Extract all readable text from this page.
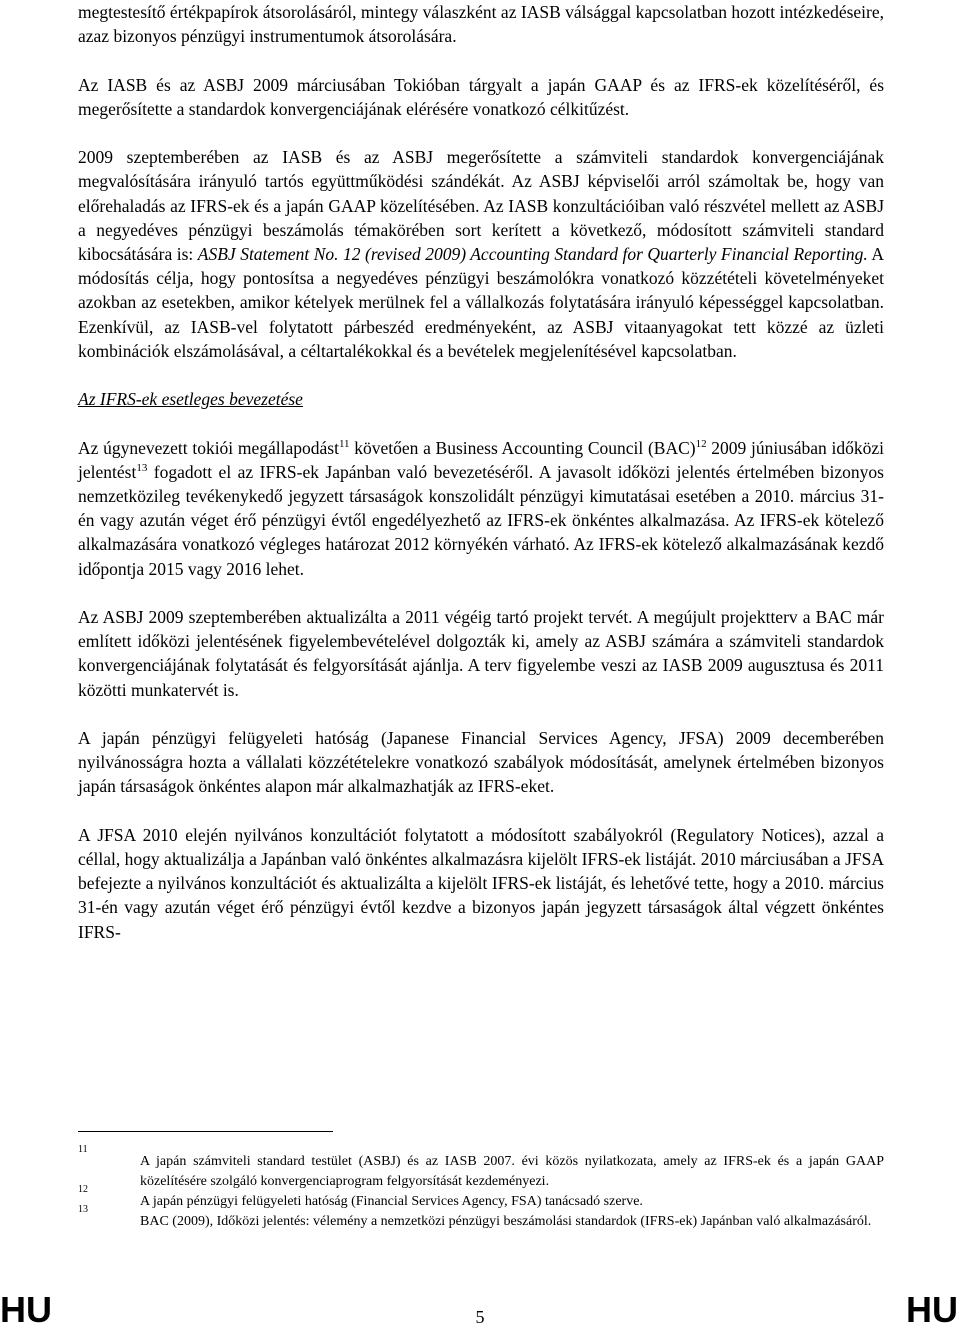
megtestesítő értékpapírok átsorolásáról, mintegy válaszként az IASB válsággal kapcsolatban hozott intézkedéseire, azaz bizonyos pénzügyi instrumentumok átsorolására.

Az IASB és az ASBJ 2009 márciusában Tokióban tárgyalt a japán GAAP és az IFRS-ek közelítéséről, és megerősítette a standardok konvergenciájának elérésére vonatkozó célkitűzést.

2009 szeptemberében az IASB és az ASBJ megerősítette a számviteli standardok konvergenciájának megvalósítására irányuló tartós együttműködési szándékát. Az ASBJ képviselői arról számoltak be, hogy van előrehaladás az IFRS-ek és a japán GAAP közelítésében. Az IASB konzultációiban való részvétel mellett az ASBJ a negyedéves pénzügyi beszámolás témakörében sort kerített a következő, módosított számviteli standard kibocsátására is: ASBJ Statement No. 12 (revised 2009) Accounting Standard for Quarterly Financial Reporting. A módosítás célja, hogy pontosítsa a negyedéves pénzügyi beszámolókra vonatkozó közzétételi követelményeket azokban az esetekben, amikor kételyek merülnek fel a vállalkozás folytatására irányuló képességgel kapcsolatban. Ezenkívül, az IASB-vel folytatott párbeszéd eredményeként, az ASBJ vitaanyagokat tett közzé az üzleti kombinációk elszámolásával, a céltartalékokkal és a bevételek megjelenítésével kapcsolatban.

Az IFRS-ek esetleges bevezetése

Az úgynevezett tokiói megállapodást$^{11}$ követően a Business Accounting Council (BAC)$^{12}$ 2009 júniusában időközi jelentést$^{13}$ fogadott el az IFRS-ek Japánban való bevezetéséről. A javasolt időközi jelentés értelmében bizonyos nemzetközileg tevékenykedő jegyzett társaságok konszolidált pénzügyi kimutatásai esetében a 2010. március 31-én vagy azután véget érő pénzügyi évtől engedélyezhető az IFRS-ek önkéntes alkalmazása. Az IFRS-ek kötelező alkalmazására vonatkozó végleges határozat 2012 környékén várható. Az IFRS-ek kötelező alkalmazásának kezdő időpontja 2015 vagy 2016 lehet.

Az ASBJ 2009 szeptemberében aktualizálta a 2011 végéig tartó projekt tervét. A megújult projektterv a BAC már említett időközi jelentésének figyelembevételével dolgozták ki, amely az ASBJ számára a számviteli standardok konvergenciájának folytatását és felgyorsítását ajánlja. A terv figyelembe veszi az IASB 2009 augusztusa és 2011 közötti munkatervét is.

A japán pénzügyi felügyeleti hatóság (Japanese Financial Services Agency, JFSA) 2009 decemberében nyilvánosságra hozta a vállalati közzétételekre vonatkozó szabályok módosítását, amelynek értelmében bizonyos japán társaságok önkéntes alapon már alkalmazhatják az IFRS-eket.

A JFSA 2010 elején nyilvános konzultációt folytatott a módosított szabályokról (Regulatory Notices), azzal a céllal, hogy aktualizálja a Japánban való önkéntes alkalmazásra kijelölt IFRS-ek listáját. 2010 márciusában a JFSA befejezte a nyilvános konzultációt és aktualizálta a kijelölt IFRS-ek listáját, és lehetővé tette, hogy a 2010. március 31-én vagy azután véget érő pénzügyi évtől kezdve a bizonyos japán jegyzett társaságok által végzett önkéntes IFRS-

11
A japán számviteli standard testület (ASBJ) és az IASB 2007. évi közös nyilatkozata, amely az IFRS-ek és a japán GAAP közelítésére szolgáló konvergenciaprogram felgyorsítását kezdeményezi.

12
A japán pénzügyi felügyeleti hatóság (Financial Services Agency, FSA) tanácsadó szerve.

13
BAC (2009), Időközi jelentés: vélemény a nemzetközi pénzügyi beszámolási standardok (IFRS-ek) Japánban való alkalmazásáról.

HU	5	HU
